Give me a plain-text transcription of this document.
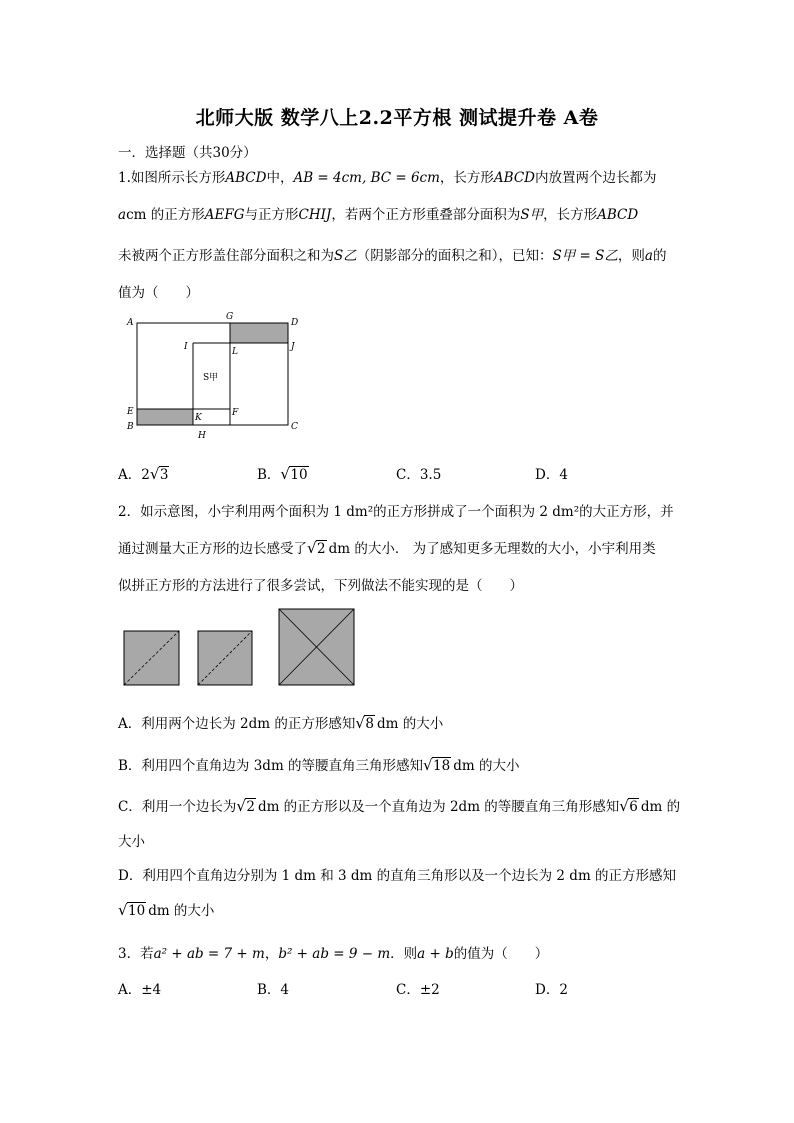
北师大版 数学八上2.2平方根 测试提升卷 A卷
一．选择题（共30分）
1.如图所示长方形ABCD中，AB = 4cm, BC = 6cm，长方形ABCD内放置两个边长都为
acm 的正方形AEFG与正方形CHIJ，若两个正方形重叠部分面积为S甲，长方形ABCD
未被两个正方形盖住部分面积之和为S乙（阴影部分的面积之和），已知：S甲 = S乙，则a的
值为（　　）
A
G
D
I	L	J
S甲
E
K	F
B
H
C
A．2 √ 3	B． √ 10	C．3.5	D．4
2．如示意图，小宇利用两个面积为 1 dm²的正方形拼成了一个面积为 2 dm²的大正方形，并
通过测量大正方形的边长感受了 √ 2 dm 的大小． 为了感知更多无理数的大小，小宇利用类
似拼正方形的方法进行了很多尝试，下列做法不能实现的是（　　）
A．利用两个边长为 2dm 的正方形感知 √ 8 dm 的大小
B．利用四个直角边为 3dm 的等腰直角三角形感知 √ 18 dm 的大小
C．利用一个边长为 √ 2 dm 的正方形以及一个直角边为 2dm 的等腰直角三角形感知 √ 6 dm 的
大小
D．利用四个直角边分别为 1 dm 和 3 dm 的直角三角形以及一个边长为 2 dm 的正方形感知
√ 10 dm 的大小
3．若a² + ab = 7 + m，b² + ab = 9 − m．则a + b的值为（　　）
A．±4	B．4	C．±2	D．2
